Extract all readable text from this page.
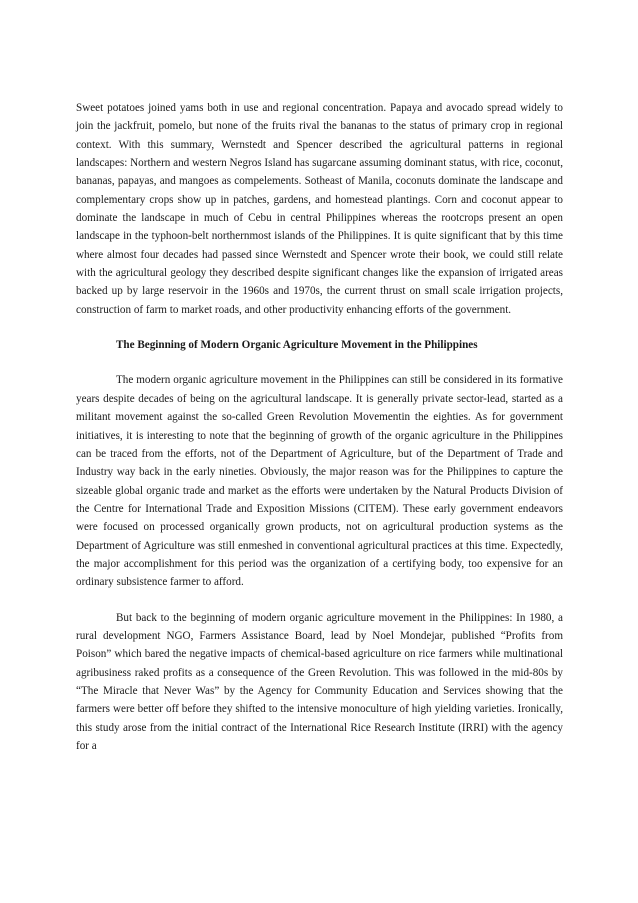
Sweet potatoes joined yams both in use and regional concentration. Papaya and avocado spread widely to join the jackfruit, pomelo, but none of the fruits rival the bananas to the status of primary crop in regional context. With this summary, Wernstedt and Spencer described the agricultural patterns in regional landscapes: Northern and western Negros Island has sugarcane assuming dominant status, with rice, coconut, bananas, papayas, and mangoes as compelements. Sotheast of Manila, coconuts dominate the landscape and complementary crops show up in patches, gardens, and homestead plantings. Corn and coconut appear to dominate the landscape in much of Cebu in central Philippines whereas the rootcrops present an open landscape in the typhoon-belt northernmost islands of the Philippines. It is quite significant that by this time where almost four decades had passed since Wernstedt and Spencer wrote their book, we could still relate with the agricultural geology they described despite significant changes like the expansion of irrigated areas backed up by large reservoir in the 1960s and 1970s, the current thrust on small scale irrigation projects, construction of farm to market roads, and other productivity enhancing efforts of the government.

The Beginning of Modern Organic Agriculture Movement in the Philippines

The modern organic agriculture movement in the Philippines can still be considered in its formative years despite decades of being on the agricultural landscape. It is generally private sector-lead, started as a militant movement against the so-called Green Revolution Movementin the eighties. As for government initiatives, it is interesting to note that the beginning of growth of the organic agriculture in the Philippines can be traced from the efforts, not of the Department of Agriculture, but of the Department of Trade and Industry way back in the early nineties. Obviously, the major reason was for the Philippines to capture the sizeable global organic trade and market as the efforts were undertaken by the Natural Products Division of the Centre for International Trade and Exposition Missions (CITEM). These early government endeavors were focused on processed organically grown products, not on agricultural production systems as the Department of Agriculture was still enmeshed in conventional agricultural practices at this time. Expectedly, the major accomplishment for this period was the organization of a certifying body, too expensive for an ordinary subsistence farmer to afford.

But back to the beginning of modern organic agriculture movement in the Philippines: In 1980, a rural development NGO, Farmers Assistance Board, lead by Noel Mondejar, published “Profits from Poison” which bared the negative impacts of chemical-based agriculture on rice farmers while multinational agribusiness raked profits as a consequence of the Green Revolution. This was followed in the mid-80s by “The Miracle that Never Was” by the Agency for Community Education and Services showing that the farmers were better off before they shifted to the intensive monoculture of high yielding varieties. Ironically, this study arose from the initial contract of the International Rice Research Institute (IRRI) with the agency for a
